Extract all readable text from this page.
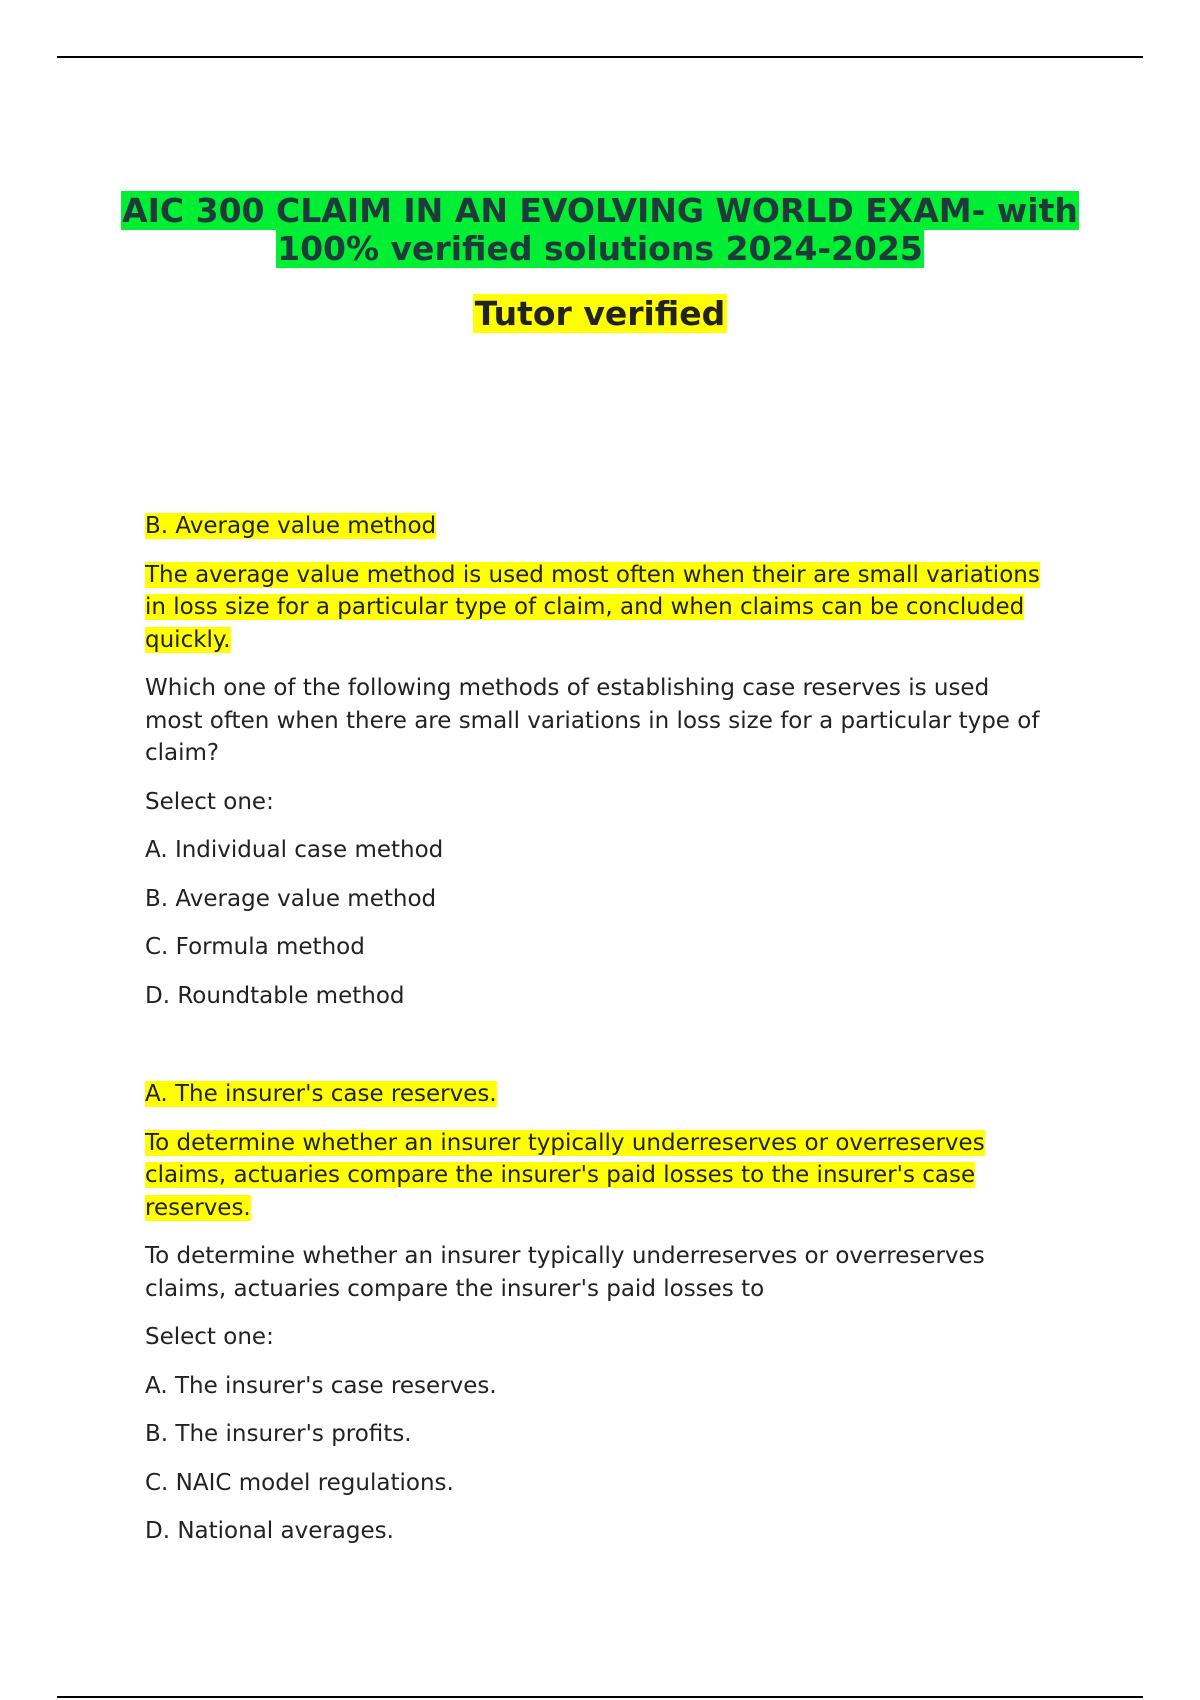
AIC 300 CLAIM IN AN EVOLVING WORLD EXAM- with 100% verified solutions 2024-2025
Tutor verified

B. Average value method

The average value method is used most often when their are small variations in loss size for a particular type of claim, and when claims can be concluded quickly.

Which one of the following methods of establishing case reserves is used most often when there are small variations in loss size for a particular type of claim?

Select one:

A. Individual case method

B. Average value method

C. Formula method

D. Roundtable method

A. The insurer's case reserves.

To determine whether an insurer typically underreserves or overreserves claims, actuaries compare the insurer's paid losses to the insurer's case reserves.

To determine whether an insurer typically underreserves or overreserves claims, actuaries compare the insurer's paid losses to

Select one:

A. The insurer's case reserves.

B. The insurer's profits.

C. NAIC model regulations.

D. National averages.
